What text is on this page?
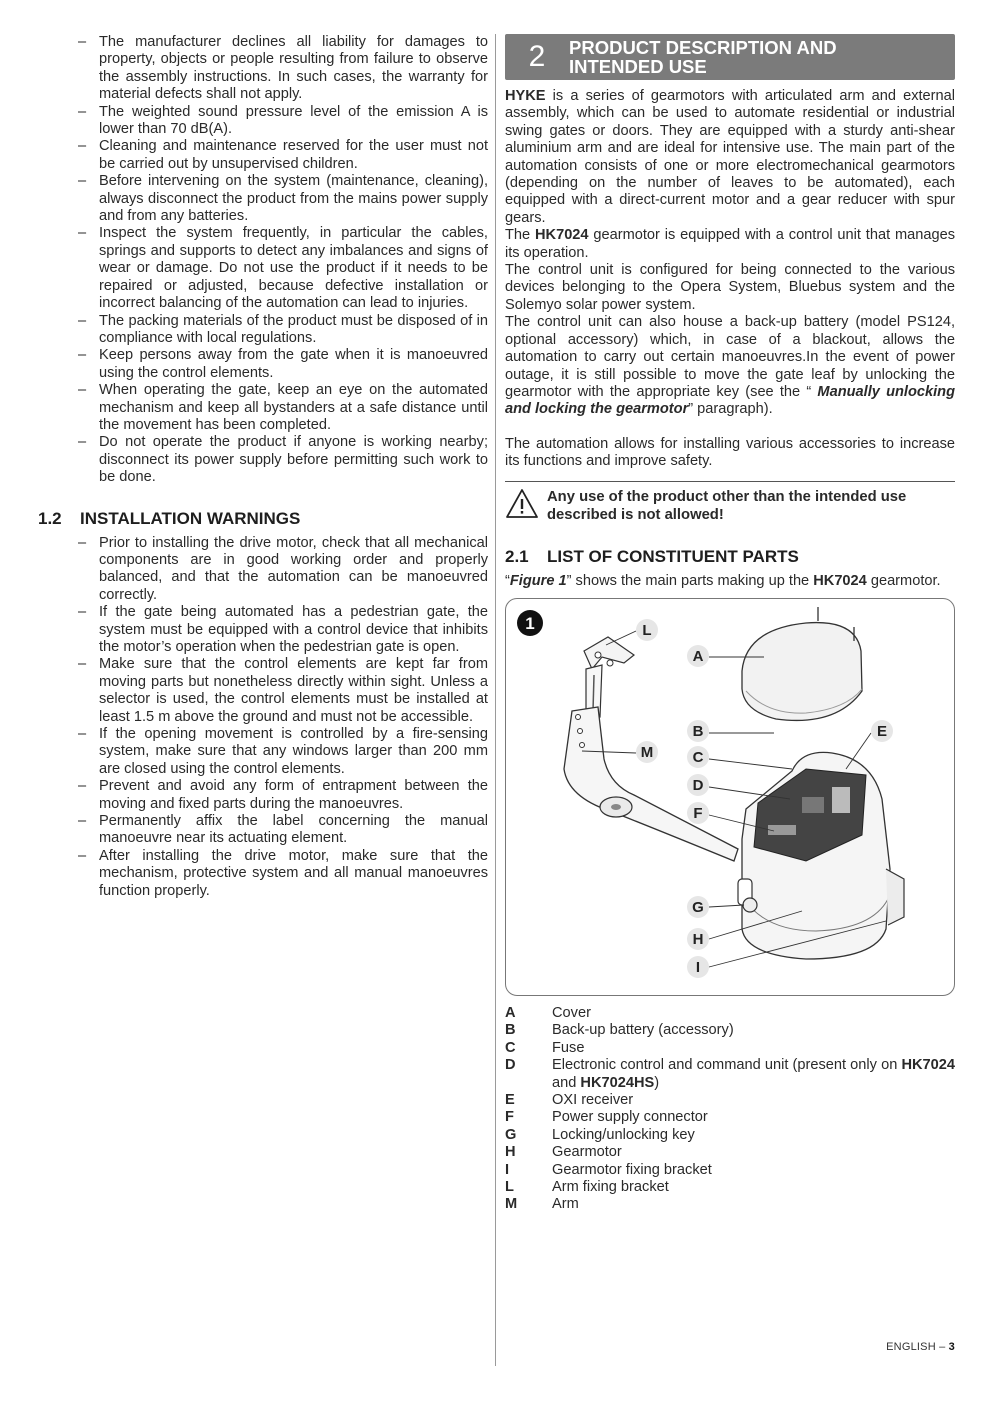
– The manufacturer declines all liability for damages to property, objects or people resulting from failure to observe the assembly instructions. In such cases, the warranty for material defects shall not apply.
– The weighted sound pressure level of the emission A is lower than 70 dB(A).
– Cleaning and maintenance reserved for the user must not be carried out by unsupervised children.
– Before intervening on the system (maintenance, cleaning), always disconnect the product from the mains power supply and from any batteries.
– Inspect the system frequently, in particular the cables, springs and supports to detect any imbalances and signs of wear or damage. Do not use the product if it needs to be repaired or adjusted, because defective installation or incorrect balancing of the automation can lead to injuries.
– The packing materials of the product must be disposed of in compliance with local regulations.
– Keep persons away from the gate when it is manoeuvred using the control elements.
– When operating the gate, keep an eye on the automated mechanism and keep all bystanders at a safe distance until the movement has been completed.
– Do not operate the product if anyone is working nearby; disconnect its power supply before permitting such work to be done.
1.2	INSTALLATION WARNINGS
– Prior to installing the drive motor, check that all mechanical components are in good working order and properly balanced, and that the automation can be manoeuvred correctly.
– If the gate being automated has a pedestrian gate, the system must be equipped with a control device that inhibits the motor’s operation when the pedestrian gate is open.
– Make sure that the control elements are kept far from moving parts but nonetheless directly within sight. Unless a selector is used, the control elements must be installed at least 1.5 m above the ground and must not be accessible.
– If the opening movement is controlled by a fire-sensing system, make sure that any windows larger than 200 mm are closed using the control elements.
– Prevent and avoid any form of entrapment between the moving and fixed parts during the manoeuvres.
– Permanently affix the label concerning the manual manoeuvre near its actuating element.
– After installing the drive motor, make sure that the mechanism, protective system and all manual manoeuvres function properly.
2	PRODUCT DESCRIPTION AND
INTENDED USE

HYKE is a series of gearmotors with articulated arm and external assembly, which can be used to automate residential or industrial swing gates or doors. They are equipped with a sturdy anti-shear aluminium arm and are ideal for intensive use. The main part of the automation consists of one or more electromechanical gearmotors (depending on the number of leaves to be automated), each equipped with a direct-current motor and a gear reducer with spur gears.

The HK7024 gearmotor is equipped with a control unit that manages its operation.

The control unit is configured for being connected to the various devices belonging to the Opera System, Bluebus system and the Solemyo solar power system.

The control unit can also house a back-up battery (model PS124, optional accessory) which, in case of a blackout, allows the automation to carry out certain manoeuvres.In the event of power outage, it is still possible to move the gate leaf by unlocking the gearmotor with the appropriate key (see the “ Manually unlocking and locking the gearmotor” paragraph).

The automation allows for installing various accessories to increase its functions and improve safety.

Any use of the product other than the intended use described is not allowed!
2.1	LIST OF CONSTITUENT PARTS

“Figure 1” shows the main parts making up the HK7024 gearmotor.

1	L
A
B	E
M	C
D
F
G
H
I
A	Cover
B	Back-up battery (accessory)
C	Fuse
D	Electronic control and command unit (present only on HK7024 and HK7024HS)
E	OXI receiver
F	Power supply connector
G	Locking/unlocking key
H	Gearmotor
I	Gearmotor fixing bracket
L	Arm fixing bracket
M	Arm
ENGLISH – 3
